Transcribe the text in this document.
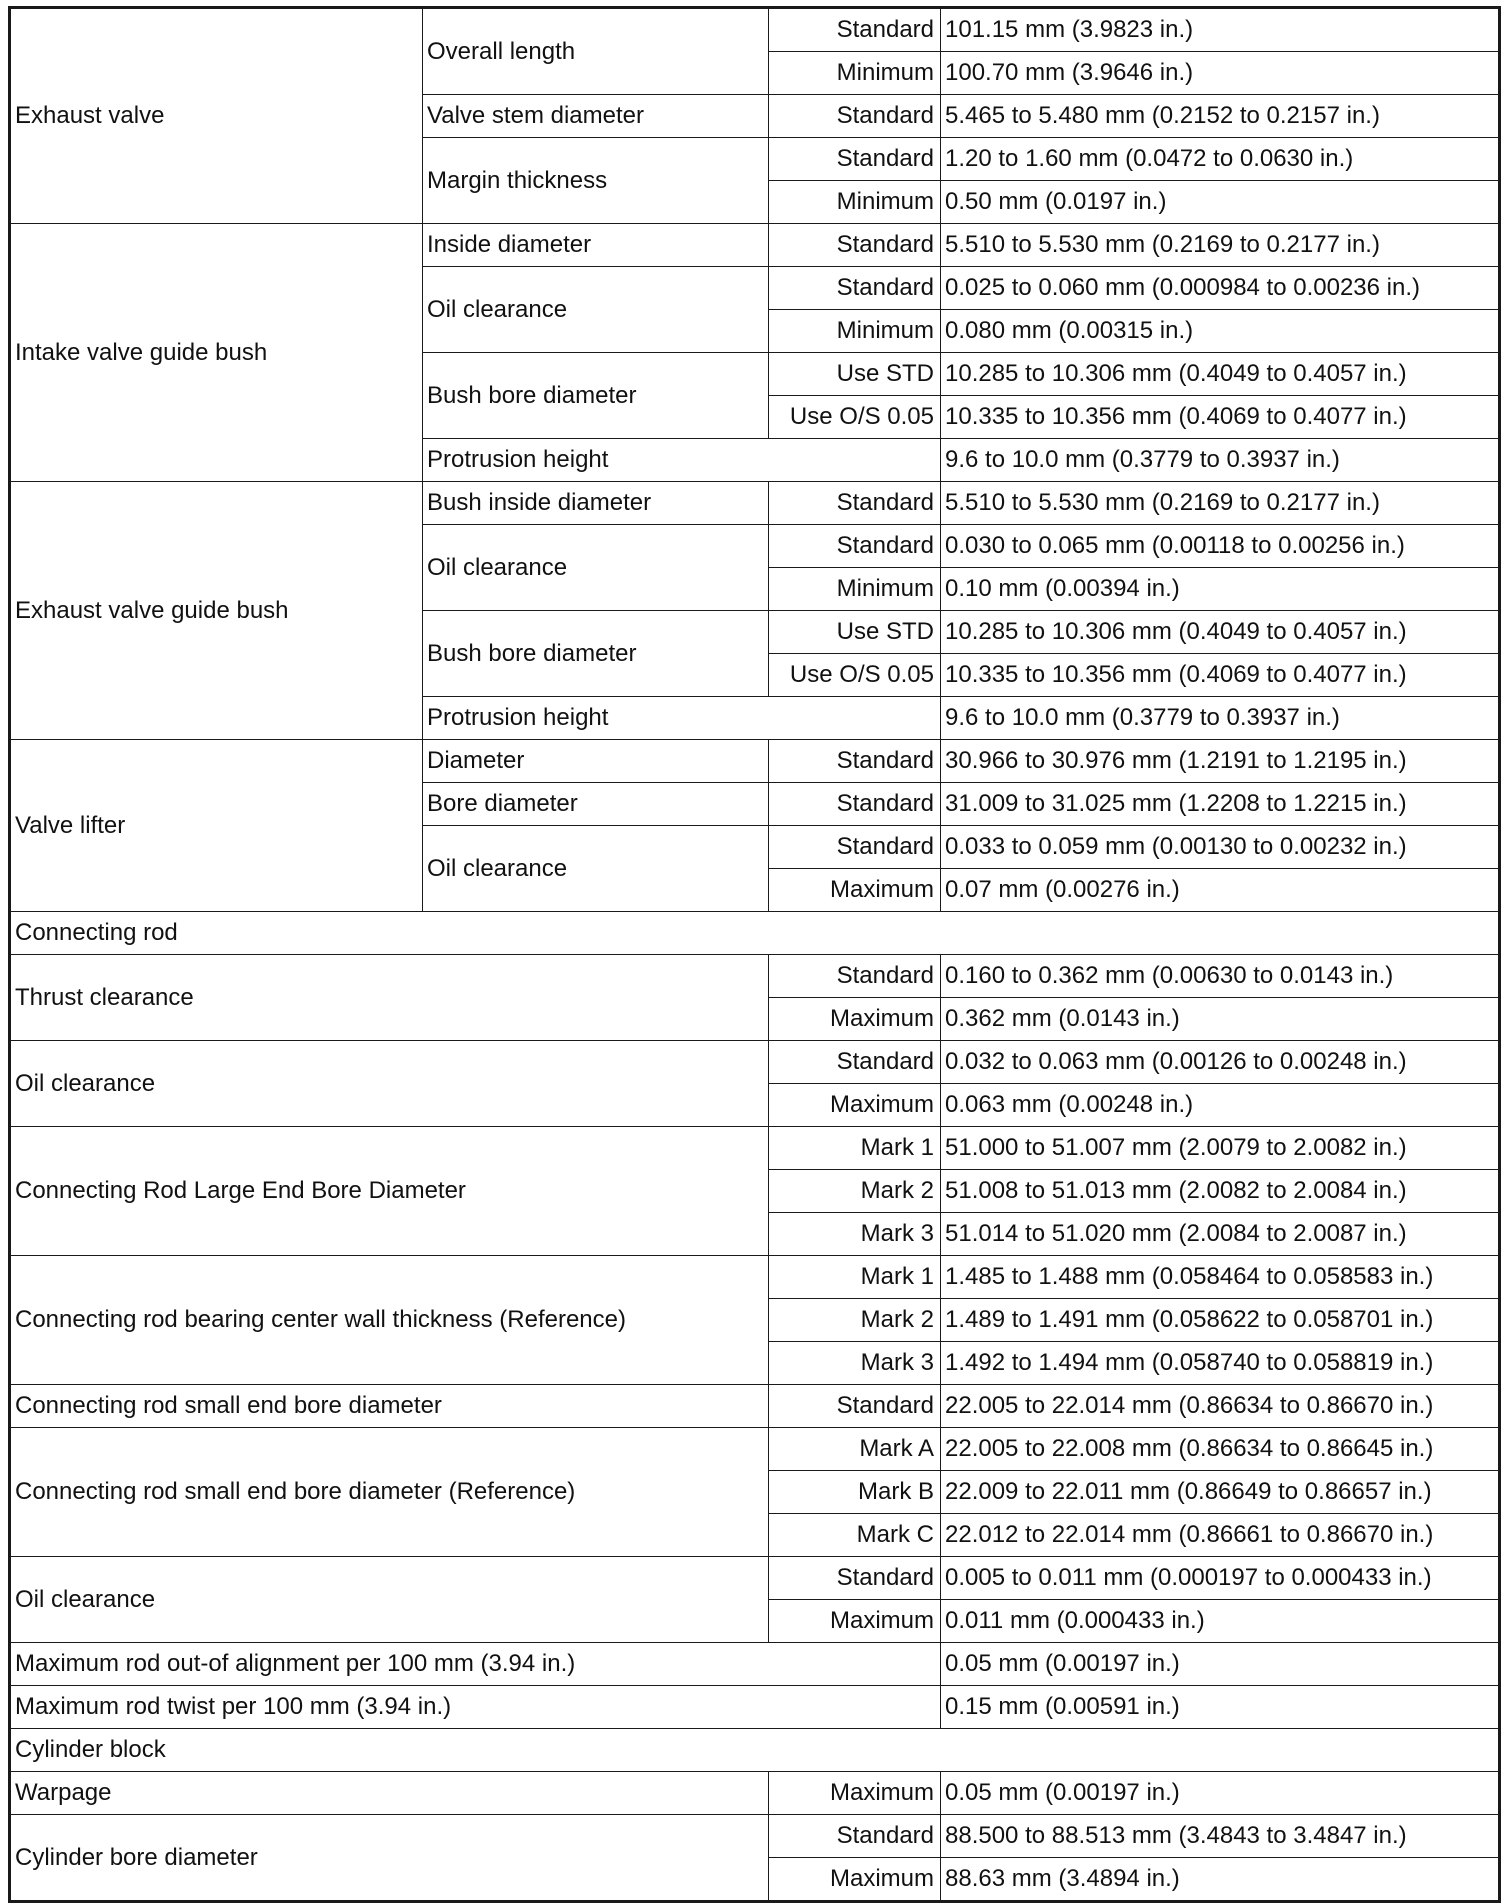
Exhaust valve	Overall length	Standard	101.15 mm (3.9823 in.)
		Minimum	100.70 mm (3.9646 in.)
	Valve stem diameter	Standard	5.465 to 5.480 mm (0.2152 to 0.2157 in.)
	Margin thickness	Standard	1.20 to 1.60 mm (0.0472 to 0.0630 in.)
		Minimum	0.50 mm (0.0197 in.)
Intake valve guide bush	Inside diameter	Standard	5.510 to 5.530 mm (0.2169 to 0.2177 in.)
	Oil clearance	Standard	0.025 to 0.060 mm (0.000984 to 0.00236 in.)
		Minimum	0.080 mm (0.00315 in.)
	Bush bore diameter	Use STD	10.285 to 10.306 mm (0.4049 to 0.4057 in.)
		Use O/S 0.05	10.335 to 10.356 mm (0.4069 to 0.4077 in.)
	Protrusion height		9.6 to 10.0 mm (0.3779 to 0.3937 in.)
Exhaust valve guide bush	Bush inside diameter	Standard	5.510 to 5.530 mm (0.2169 to 0.2177 in.)
	Oil clearance	Standard	0.030 to 0.065 mm (0.00118 to 0.00256 in.)
		Minimum	0.10 mm (0.00394 in.)
	Bush bore diameter	Use STD	10.285 to 10.306 mm (0.4049 to 0.4057 in.)
		Use O/S 0.05	10.335 to 10.356 mm (0.4069 to 0.4077 in.)
	Protrusion height		9.6 to 10.0 mm (0.3779 to 0.3937 in.)
Valve lifter	Diameter	Standard	30.966 to 30.976 mm (1.2191 to 1.2195 in.)
	Bore diameter	Standard	31.009 to 31.025 mm (1.2208 to 1.2215 in.)
	Oil clearance	Standard	0.033 to 0.059 mm (0.00130 to 0.00232 in.)
		Maximum	0.07 mm (0.00276 in.)
Connecting rod			
Thrust clearance		Standard	0.160 to 0.362 mm (0.00630 to 0.0143 in.)
		Maximum	0.362 mm (0.0143 in.)
Oil clearance		Standard	0.032 to 0.063 mm (0.00126 to 0.00248 in.)
		Maximum	0.063 mm (0.00248 in.)
Connecting Rod Large End Bore Diameter		Mark 1	51.000 to 51.007 mm (2.0079 to 2.0082 in.)
		Mark 2	51.008 to 51.013 mm (2.0082 to 2.0084 in.)
		Mark 3	51.014 to 51.020 mm (2.0084 to 2.0087 in.)
Connecting rod bearing center wall thickness (Reference)		Mark 1	1.485 to 1.488 mm (0.058464 to 0.058583 in.)
		Mark 2	1.489 to 1.491 mm (0.058622 to 0.058701 in.)
		Mark 3	1.492 to 1.494 mm (0.058740 to 0.058819 in.)
Connecting rod small end bore diameter		Standard	22.005 to 22.014 mm (0.86634 to 0.86670 in.)
Connecting rod small end bore diameter (Reference)		Mark A	22.005 to 22.008 mm (0.86634 to 0.86645 in.)
		Mark B	22.009 to 22.011 mm (0.86649 to 0.86657 in.)
		Mark C	22.012 to 22.014 mm (0.86661 to 0.86670 in.)
Oil clearance		Standard	0.005 to 0.011 mm (0.000197 to 0.000433 in.)
		Maximum	0.011 mm (0.000433 in.)
Maximum rod out-of alignment per 100 mm (3.94 in.)			0.05 mm (0.00197 in.)
Maximum rod twist per 100 mm (3.94 in.)			0.15 mm (0.00591 in.)
Cylinder block			
Warpage		Maximum	0.05 mm (0.00197 in.)
Cylinder bore diameter		Standard	88.500 to 88.513 mm (3.4843 to 3.4847 in.)
		Maximum	88.63 mm (3.4894 in.)
